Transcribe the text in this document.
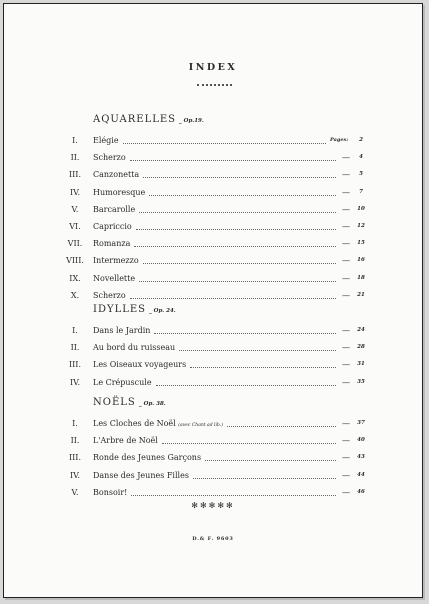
INDEX
AQUARELLES _ Op.19.
I.	Elégie	Pages:	2
II.	Scherzo	—	4
III.	Canzonetta	—	5
IV.	Humoresque	—	7
V.	Barcarolle	—	10
VI.	Capriccio	—	12
VII.	Romanza	—	15
VIII. Intermezzo	—	16
IX.	Novellette	—	18
X.	Scherzo	—	21
IDYLLES _ Op. 24.
I.	Dans le Jardin	—	24
II.	Au bord du ruisseau	—	28
III.	Les Oiseaux voyageurs	—	31
IV.	Le Crépuscule	—	35
NOËLS _ Op. 38.
I.	Les Cloches de Noël (avec Chant ad lib.)	—	37
II.	L'Arbre de Noël	—	40
III.	Ronde des Jeunes Garçons	—	43
IV.	Danse des Jeunes Filles	—	44
V.	Bonsoir!	—	46
✻✻✻✻✻
D.& F. 9603
